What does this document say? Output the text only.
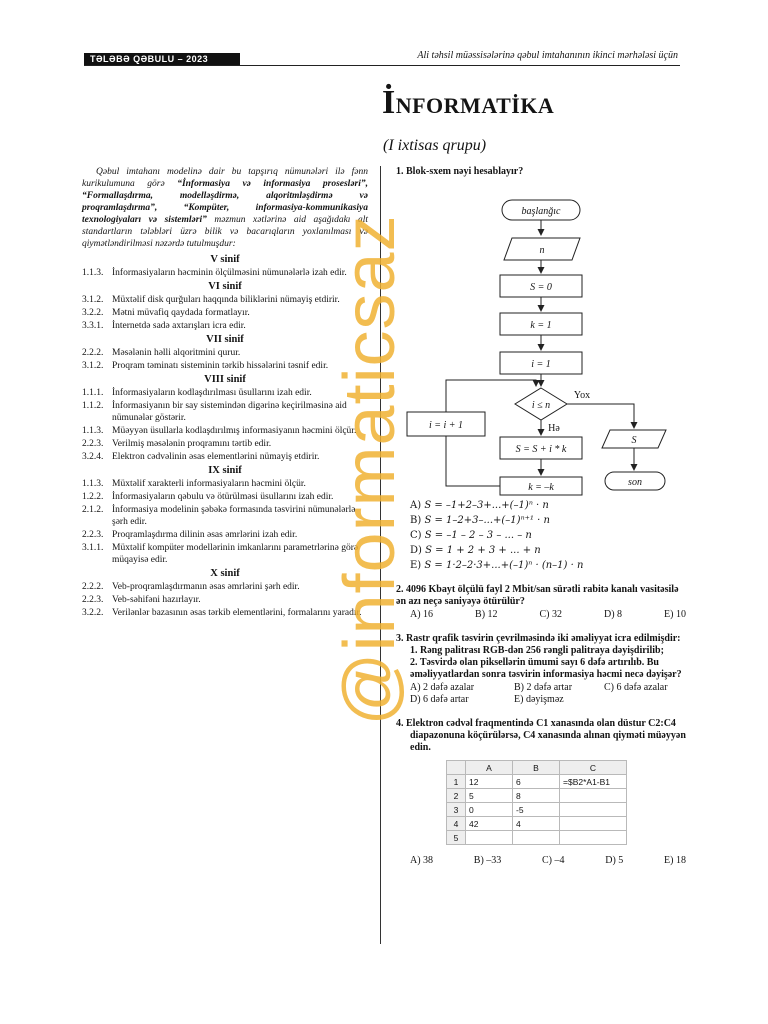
TƏLƏBƏ QƏBULU – 2023	Ali təhsil müəssisələrinə qəbul imtahanının ikinci mərhələsi üçün
İNFORMATİKA
(I ixtisas qrupu)

Qəbul imtahanı modelinə dair bu tapşırıq nümunələri ilə fənn kurikulumuna görə “İnformasiya və informasiya prosesləri”, “Formallaşdırma, modelləşdirmə, alqoritmləşdirmə və proqramlaşdırma”, “Kompüter, informasiya-kommunikasiya texnologiyaları və sistemləri” məzmun xətlərinə aid aşağıdakı alt standartların tələbləri üzrə bilik və bacarıqların yoxlanılması və qiymətləndirilməsi nəzərdə tutulmuşdur:

V sinif
1.1.3. İnformasiyaların həcminin ölçülməsini nümunələrlə izah edir.
VI sinif
3.1.2. Müxtəlif disk qurğuları haqqında biliklərini nümayiş etdirir.
3.2.2. Mətni müvafiq qaydada formatlayır.
3.3.1. İnternetdə sadə axtarışları icra edir.
VII sinif
2.2.2. Məsələnin həlli alqoritmini qurur.
3.1.2. Proqram təminatı sisteminin tərkib hissələrini təsnif edir.
VIII sinif
1.1.1. İnformasiyaların kodlaşdırılması üsullarını izah edir.
1.1.2. İnformasiyanın bir say sistemindən digərinə keçirilməsinə aid nümunələr göstərir.
1.1.3. Müəyyən üsullarla kodlaşdırılmış informasiyanın həcmini ölçür.
2.2.3. Verilmiş məsələnin proqramını tərtib edir.
3.2.4. Elektron cədvəlinin əsas elementlərini nümayiş etdirir.
IX sinif
1.1.3. Müxtəlif xarakterli informasiyaların həcmini ölçür.
1.2.2. İnformasiyaların qəbulu və ötürülməsi üsullarını izah edir.
2.1.2. İnformasiya modelinin şəbəkə formasında təsvirini nümunələrlə şərh edir.
2.2.3. Proqramlaşdırma dilinin əsas əmrlərini izah edir.
3.1.1. Müxtəlif kompüter modellərinin imkanlarını parametrlərinə görə müqayisə edir.
X sinif
2.2.2. Veb-proqramlaşdırmanın əsas əmrlərini şərh edir.
2.2.3. Veb-səhifəni hazırlayır.
3.2.2. Verilənlər bazasının əsas tərkib elementlərini, formalarını yaradır.

1. Blok-sxem nəyi hesablayır?

başlanğıc
n
S = 0
k = 1
i = 1
i ≤ n
Yox
Hə
S = S + i * k
k = –k
i = i + 1
S
son
A) S = –1+2–3+...+(–1)ⁿ · n
B) S = 1–2+3–...+(–1)ⁿ⁺¹ · n
C) S = –1 – 2 – 3 – ... – n
D) S = 1 + 2 + 3 + ... + n
E) S = 1·2–2·3+...+(–1)ⁿ · (n–1) · n

2. 4096 Kbayt ölçülü fayl 2 Mbit/san sürətli rabitə kanalı vasitəsilə ən azı neçə saniyəyə ötürülür?

A) 16	B) 12	C) 32	D) 8	E) 10

3. Rastr qrafik təsvirin çevrilməsində iki əməliyyat icra edilmişdir:

1. Rəng palitrası RGB-dən 256 rəngli palitraya dəyişdirilib;

2. Təsvirdə olan piksellərin ümumi sayı 6 dəfə artırılıb. Bu əməliyyatlardan sonra təsvirin informasiya həcmi necə dəyişər?

A) 2 dəfə azalar	B) 2 dəfə artar	C) 6 dəfə azalar
D) 6 dəfə artar	E) dəyişməz

4. Elektron cədvəl fraqmentində C1 xanasında olan düstur C2:C4 diapazonuna köçürülərsə, C4 xanasında alınan qiyməti müəyyən edin.

	A	B	C
1	12	6	=$B2*A1-B1
2	5	8	
3	0	-5	
4	42	4	
5			
A) 38	B) –33	C) –4	D) 5	E) 18
@informaticsaz
